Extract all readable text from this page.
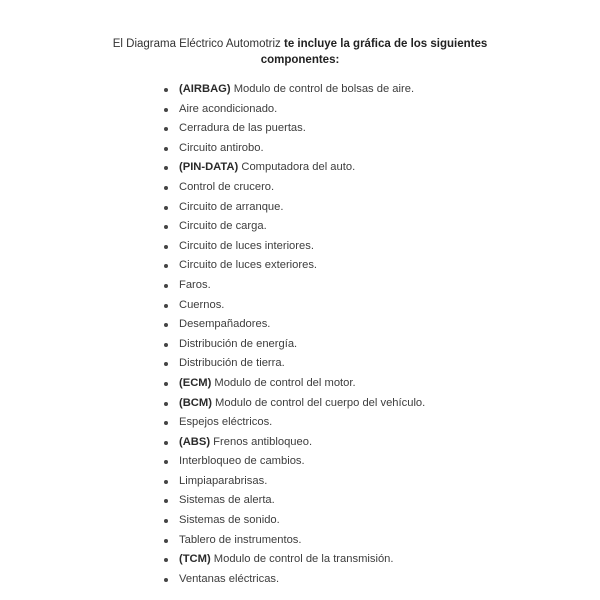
El Diagrama Eléctrico Automotriz te incluye la gráfica de los siguientes
componentes:
(AIRBAG) Modulo de control de bolsas de aire.
Aire acondicionado.
Cerradura de las puertas.
Circuito antirobo.
(PIN-DATA) Computadora del auto.
Control de crucero.
Circuito de arranque.
Circuito de carga.
Circuito de luces interiores.
Circuito de luces exteriores.
Faros.
Cuernos.
Desempañadores.
Distribución de energía.
Distribución de tierra.
(ECM) Modulo de control del motor.
(BCM) Modulo de control del cuerpo del vehículo.
Espejos eléctricos.
(ABS) Frenos antibloqueo.
Interbloqueo de cambios.
Limpiaparabrisas.
Sistemas de alerta.
Sistemas de sonido.
Tablero de instrumentos.
(TCM) Modulo de control de la transmisión.
Ventanas eléctricas.
